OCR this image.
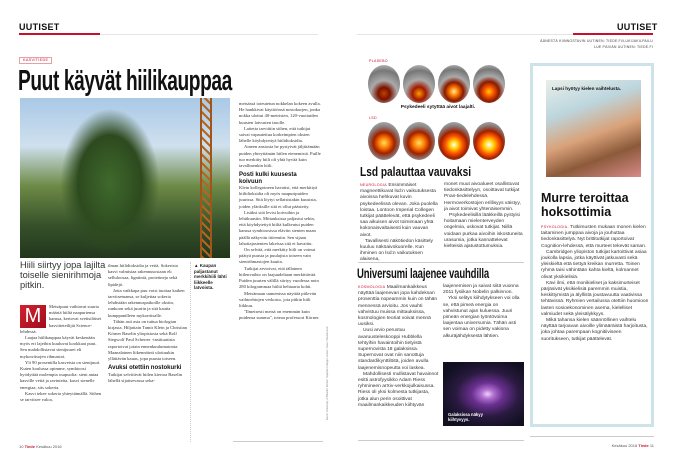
UUTISET
KASVITIEDE
Puut käyvät hiilikauppaa

metsässä toteutetun nokkelan kokeen avulla. He hankkivat käyttöönsä nostokurjen, jonka nokka ulottui 40-metristen, 120-vuotiaiden kuusten latvusten tasolle.

Laitetta tarvittiin siihen, että tutkijat saivat vapautettua korkeimpien oksien lähelle köyhdytettyä hiilidioksidia.

Aineen ansiosta he pystyivät jäljittämään puiden yhteyttämän hiilen etenemistä. Puille tuo merkitty hiili oli yhtä hyvää kuin tavallinenkin hiili.

Posti kulki kuusesta koivuun

Klein kollegoineen havaitsi, että merkittyä hiilidioksidia oli myös naapuripuiden juurissa. Sitä löytyi sellaisistakin kuusista, joiden yläoksille sitä ei ollut päästetty.

Lisäksi sitä levisi koivuihin ja lehtikuusiin. Mittauksissa paljastui sekin, että köyhdytettyä hiiltä kulkeutui puiden kanssa symbioosissa eläviin sienten maan päällä näkyviin itiöemiin. Sen sijaan lahottajasienten lakeissa sitä ei havaittu.

On selvää, että merkitty hiili on voinut päätyä puusta ja puulajista toiseen vain sienirihmastojen kautta.

Tutkijat arvioivat, että tällainen hiilenvaihto on laajuudeltaan merkittävää. Puiden juurten välillä siirtyy vuodessa noin 280 kilogrammaa hiiltä hehtaaria kohti.

Metsämaan uumenissa näyttää piilevän vaihtoehtojen verkosto, jota pitkin hiili liikkuu.

"Ilmeisesti metsä on enemmän kuin puidensa summa", toteaa professori Körner.

Kuvat: University of Basel/C.Körner; Imperial College London; Nasa; Shutterstock
Hiili siirtyy jopa lajilta toiselle sienirihmoja pitkin.
M	Metsäpuut vaihtavat suuria määriä hiiltä naapuriensa kanssa, kertovat sveitsiläiset kasvitieteilijät Science-lehdessä.

Laajaa hiilikauppaa käyvät keskenään myös eri lajeihin kuuluvat kookkaat puut. Sen mahdollistavat sienijuuret eli mykorritsojen rihmastot.

Yli 90 prosentilla kasveista on sienijuuri. Kuten koulussa opimme, symbioosi hyödyttää molempia osapuolia: sieni antaa kasville vettä ja ravinteita, kasvi sienelle energiaa, siis sokeria.

Kasvi tekee sokeria yhteyttämällä. Siihen se tarvitsee valoa,

ilman hiilidioksidia ja vettä. Sokerista kasvi valmistaa rakennusosiaan eli selluloosaa, ligniiniä, proteiineja sekä lipidejä.

Jotta vaikkapa puu voisi tuottaa kaiken tarvitsemansa, se kuljettaa sokeria lehdistään rakennuspaikoille oksiin, runkoon sekä juuriin ja sitä kautta kumppanilleen mykorritsalle.

Tähän asti asia on tuttua biologian kirjasta. Hiljattain Tamir Klein ja Christian Körner Baselin yliopistosta sekä Rolf Siegwolf Paul Scherrer -instituutista raportoivat jotain ennenkuulumatonta. Maanalainen liikennöinti ulottuukin yllättävän kauas, jopa puusta toiseen.

Avuksi otettiin nostokurki

Tutkijat selvittivät hiilen kiertoa Baselin lähellä sijaitsevassa seka-

▲ Kaupan paljastanut merkkihiili lähti liikkeelle latvoista.
10 Tiede Kesäkuu 2016
UUTISET
ÄÄNESTÄ KIINNOSTAVIN UUTINEN: TIEDE.FI/LUKIJAKILPAILU
LUE PÄIVÄN UUTINEN: TIEDE.FI
PLASEBO
Psykedeeli sytyttää aivot laajalti.
LSD
Lsd palauttaa vauvaksi

NEUROLOGIA Ensimmäiset magneettikuvat lsd:n vaikutuksesta aivoissa hehkuvat kuvin psykedeelissä olevan. Joka puolella loistaa. Lontoon Imperial Collegen tutkijat päättelevät, että psykedeeli saa aikuisen aivot toimimaan yhtä kokonaisvaltaisesti kuin vauvan aivot.

Tavallisesti näkötiedon käsittely kuuluu näköaivokuorelle. Kun ihminen on lsd:n vaikutuksen alaisena,

monet muut aivoalueet osallistuvat tiedonkäsittelyyn, osoittavat tutkijat Pnas-tiedelehdessä. Hermoverkostojen erillisyys väistyy, ja aivot toimivat yhtenäisemmin.

Psykedeelisillä lääkkeillä pystyisi hoitamaan mielenterveyden ongelmia, uskovat tutkijat. Niillä voidaan purkaa aivoihin iskostuneita urasumia, jotka kannattelevat kielteisiä ajatustottumuksia.

Universumi laajenee vauhdilla

KOSMOLOGIA Maailmankaikkeus näyttää laajenevan jopa kahdeksan prosenttia nopeammin kuin on tähän mennessä arvioitu. Jos vauhti vahvistuu muissa mittauksissa, kosmologien teoriat voivat mennä uusiksi.

Uusi arvio perustuu avaruusteleskooppi Hubblella tehtyihin havaintoihin tietyistä supernovista 18 galaksissa. Supernovat ovat niin sanottuja standardikynttilöitä, joiden avulla laajenemisnopeutta voi laskea.

Mahdollisesti mullistavat havainnot esitti astrofyysikko Adam Riess ryhmineen arXiv-verkkojulkaisussa. Riess oli yksi kolmesta tutkijasta, jotka alun perin osoittivat maailmankaikkeuden kiihtyvän

laajenemisen ja saivat siitä vuonna 2011 fysiikan Nobelin palkinnon.

Yksi selitys kiihdytykseen voi olla se, että pimeä energia on vahvistunut ajan kuluessa. Juuri pimeän energian työntövoima laajentaa universumia. Tähän asti sen voimaa on pidetty vakiona alkuräjähdyksestä lähtien.

Galaksissa näkyy kiihtyvyys.
Lapsi hyötyy kielen vaihtelusta.
Murre teroittaa hoksottimia

PSYKOLOGIA. Tutkimusten mukaan monen kielen taitaminen jumppaa aivoja ja jouhuttaa tiedonkäsittelyä. Nyt brittitutkijat raportoivat Cognition-lehdessä, että murteet tekevät saman.

Cambridgen yliopiston tutkijat kartoittivat asiaa joukolla lapsia, jotka käyttivät jatkuvasti sekä yleiskieltä että tiettyä kreikan murretta. Toinen ryhmä taisi vähintään kahta kieltä, kolmannet olivat yksikielisiä.

Kävi ilmi, että monikieliset ja kaksimurteiset pärjäsivät yksikielisiä paremmin muistia, keskittymistä ja älyllistä joustavuutta vaativissa tehtävissä. Ryhmien vertailussa otettiin huomioon lasten sosioekonominen asema, kielelliset valmiudet sekä yleisälykkyys.

Mikä tahansa kielen säännöllinen vaihtelu näyttää tarjoavan aivoille ylimääräistä harjoitusta, joka johtaa parempaan kognitiiviseen suoritukseen, tutkijat päättelevät.

Kesäkuu 2016 Tiede 11
